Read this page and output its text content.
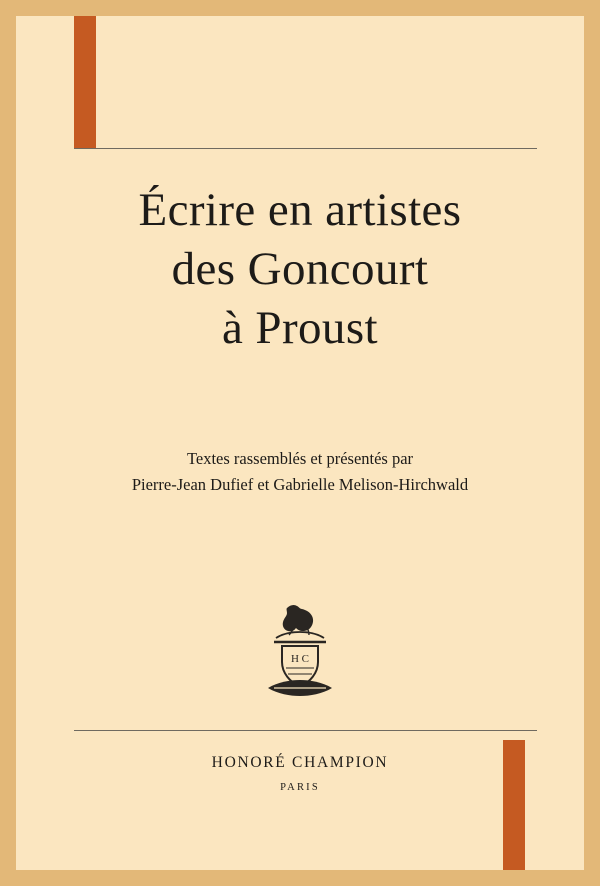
Écrire en artistes
des Goncourt
à Proust
Textes rassemblés et présentés par
Pierre-Jean Dufief et Gabrielle Melison-Hirchwald
H C
HONORÉ CHAMPION
PARIS
